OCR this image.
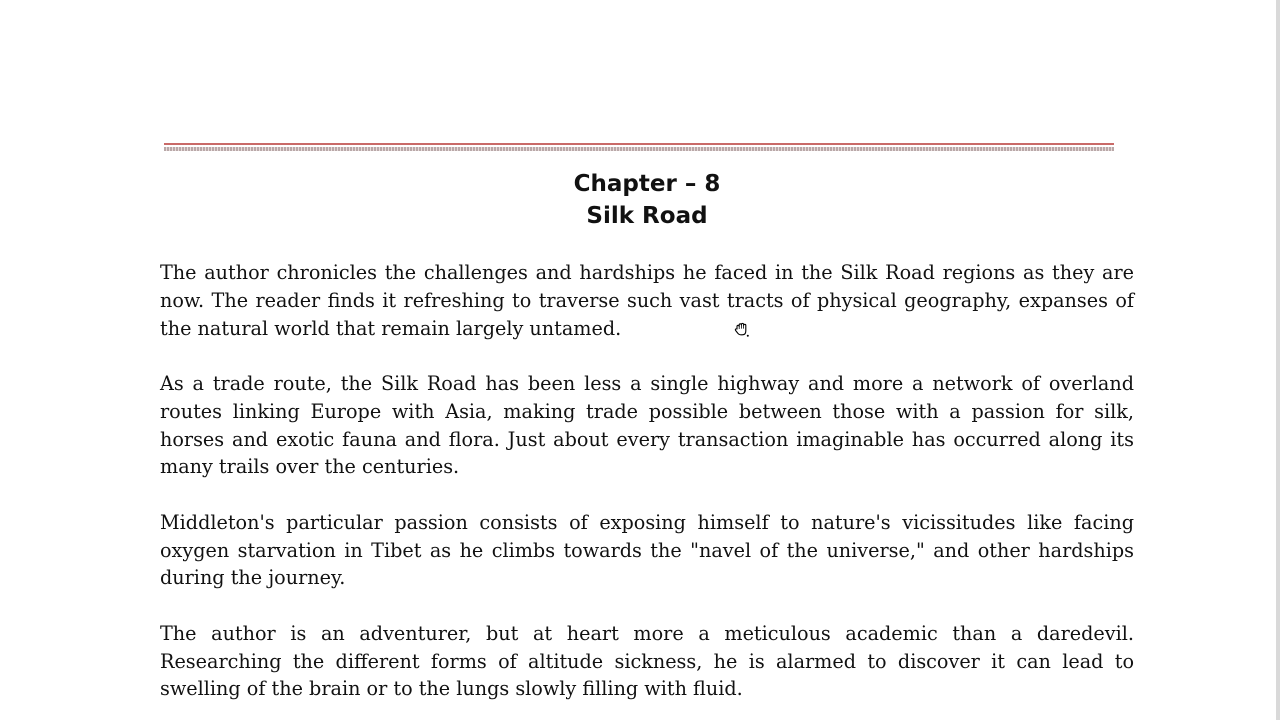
Chapter – 8
Silk Road

The author chronicles the challenges and hardships he faced in the Silk Road regions as they are now. The reader finds it refreshing to traverse such vast tracts of physical geography, expanses of the natural world that remain largely untamed.

As a trade route, the Silk Road has been less a single highway and more a network of overland routes linking Europe with Asia, making trade possible between those with a passion for silk, horses and exotic fauna and flora. Just about every transaction imaginable has occurred along its many trails over the centuries.

Middleton's particular passion consists of exposing himself to nature's vicissitudes like facing oxygen starvation in Tibet as he climbs towards the "navel of the universe," and other hardships during the journey.

The author is an adventurer, but at heart more a meticulous academic than a daredevil. Researching the different forms of altitude sickness, he is alarmed to discover it can lead to swelling of the brain or to the lungs slowly filling with fluid.
